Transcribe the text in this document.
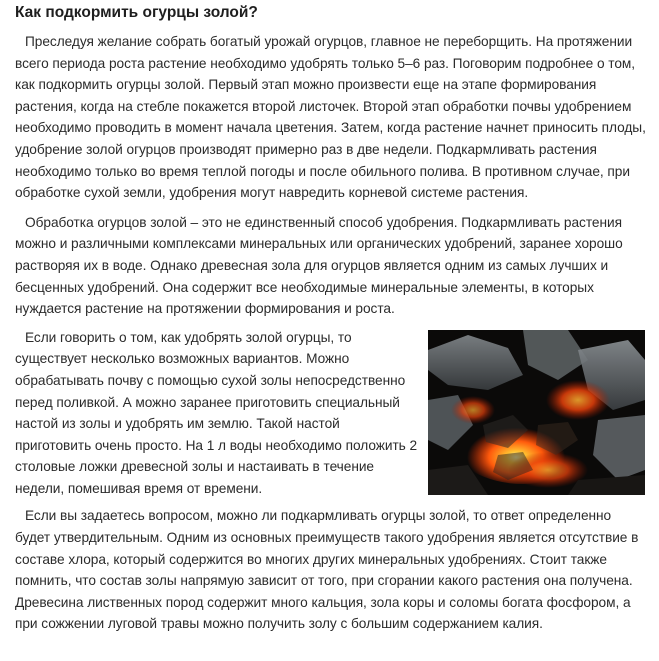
Как подкормить огурцы золой?

Преследуя желание собрать богатый урожай огурцов, главное не переборщить. На протяжении всего периода роста растение необходимо удобрять только 5–6 раз. Поговорим подробнее о том, как подкормить огурцы золой. Первый этап можно произвести еще на этапе формирования растения, когда на стебле покажется второй листочек. Второй этап обработки почвы удобрением необходимо проводить в момент начала цветения. Затем, когда растение начнет приносить плоды, удобрение золой огурцов производят примерно раз в две недели. Подкармливать растения необходимо только во время теплой погоды и после обильного полива. В противном случае, при обработке сухой земли, удобрения могут навредить корневой системе растения.

Обработка огурцов золой – это не единственный способ удобрения. Подкармливать растения можно и различными комплексами минеральных или органических удобрений, заранее хорошо растворяя их в воде. Однако древесная зола для огурцов является одним из самых лучших и бесценных удобрений. Она содержит все необходимые минеральные элементы, в которых нуждается растение на протяжении формирования и роста.

Если говорить о том, как удобрять золой огурцы, то существует несколько возможных вариантов. Можно обрабатывать почву с помощью сухой золы непосредственно перед поливкой. А можно заранее приготовить специальный настой из золы и удобрять им землю. Такой настой приготовить очень просто. На 1 л воды необходимо положить 2 столовые ложки древесной золы и настаивать в течение недели, помешивая время от времени.

Если вы задаетесь вопросом, можно ли подкармливать огурцы золой, то ответ определенно будет утвердительным. Одним из основных преимуществ такого удобрения является отсутствие в составе хлора, который содержится во многих других минеральных удобрениях. Стоит также помнить, что состав золы напрямую зависит от того, при сгорании какого растения она получена. Древесина лиственных пород содержит много кальция, зола коры и соломы богата фосфором, а при сожжении луговой травы можно получить золу с большим содержанием калия.
